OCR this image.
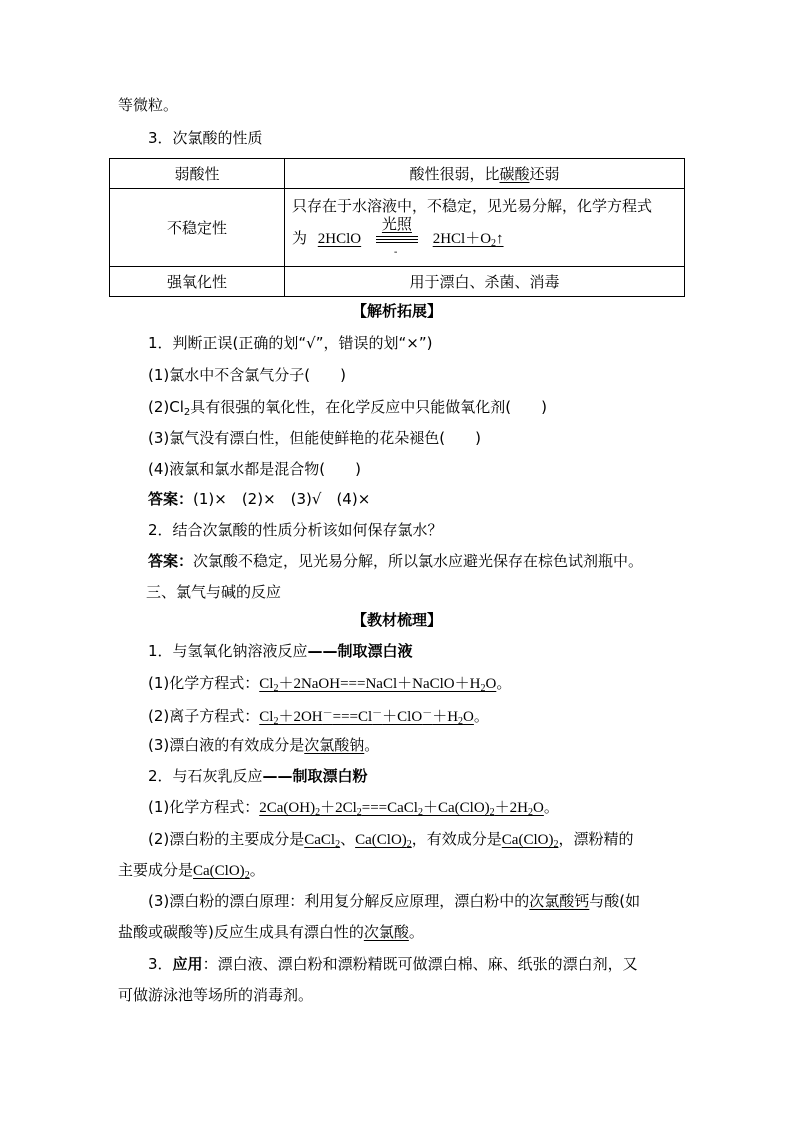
等微粒。
3．次氯酸的性质
弱酸性	酸性很弱，比碳酸还弱
不稳定性	只存在于水溶液中，不稳定，见光易分解，化学方程式
为 2HClO
光照
-
$2HCl+O_2↑$

强氧化性	用于漂白、杀菌、消毒
【解析拓展】
1．判断正误(正确的划“√”，错误的划“×”)
(1)氯水中不含氯气分子(　　)
$(2)Cl_2$具有很强的氧化性，在化学反应中只能做氧化剂(　　)
(3)氯气没有漂白性，但能使鲜艳的花朵褪色(　　)
(4)液氯和氯水都是混合物(　　)
答案：(1)×　(2)×　(3)√　(4)×
2．结合次氯酸的性质分析该如何保存氯水？
答案：次氯酸不稳定，见光易分解，所以氯水应避光保存在棕色试剂瓶中。
三、氯气与碱的反应
【教材梳理】
1．与氢氧化钠溶液反应——制取漂白液
(1)化学方程式：$Cl_2+2NaOH===NaCl+NaClO+H_2O$。
(2)离子方程式：$Cl_2+2OH^-===Cl^-+ClO^-+H_2O$。
(3)漂白液的有效成分是次氯酸钠。
2．与石灰乳反应——制取漂白粉
(1)化学方程式：$2Ca(OH)_2+2Cl_2===CaCl_2+Ca(ClO)_2+2H_2O$。
(2)漂白粉的主要成分是CaCl$_2$、$Ca(ClO)_2$，有效成分是$Ca(ClO)_2$，漂粉精的
主要成分是$Ca(ClO)_2$。
(3)漂白粉的漂白原理：利用复分解反应原理，漂白粉中的次氯酸钙与酸(如
盐酸或碳酸等)反应生成具有漂白性的次氯酸。
3．应用：漂白液、漂白粉和漂粉精既可做漂白棉、麻、纸张的漂白剂，又
可做游泳池等场所的消毒剂。
